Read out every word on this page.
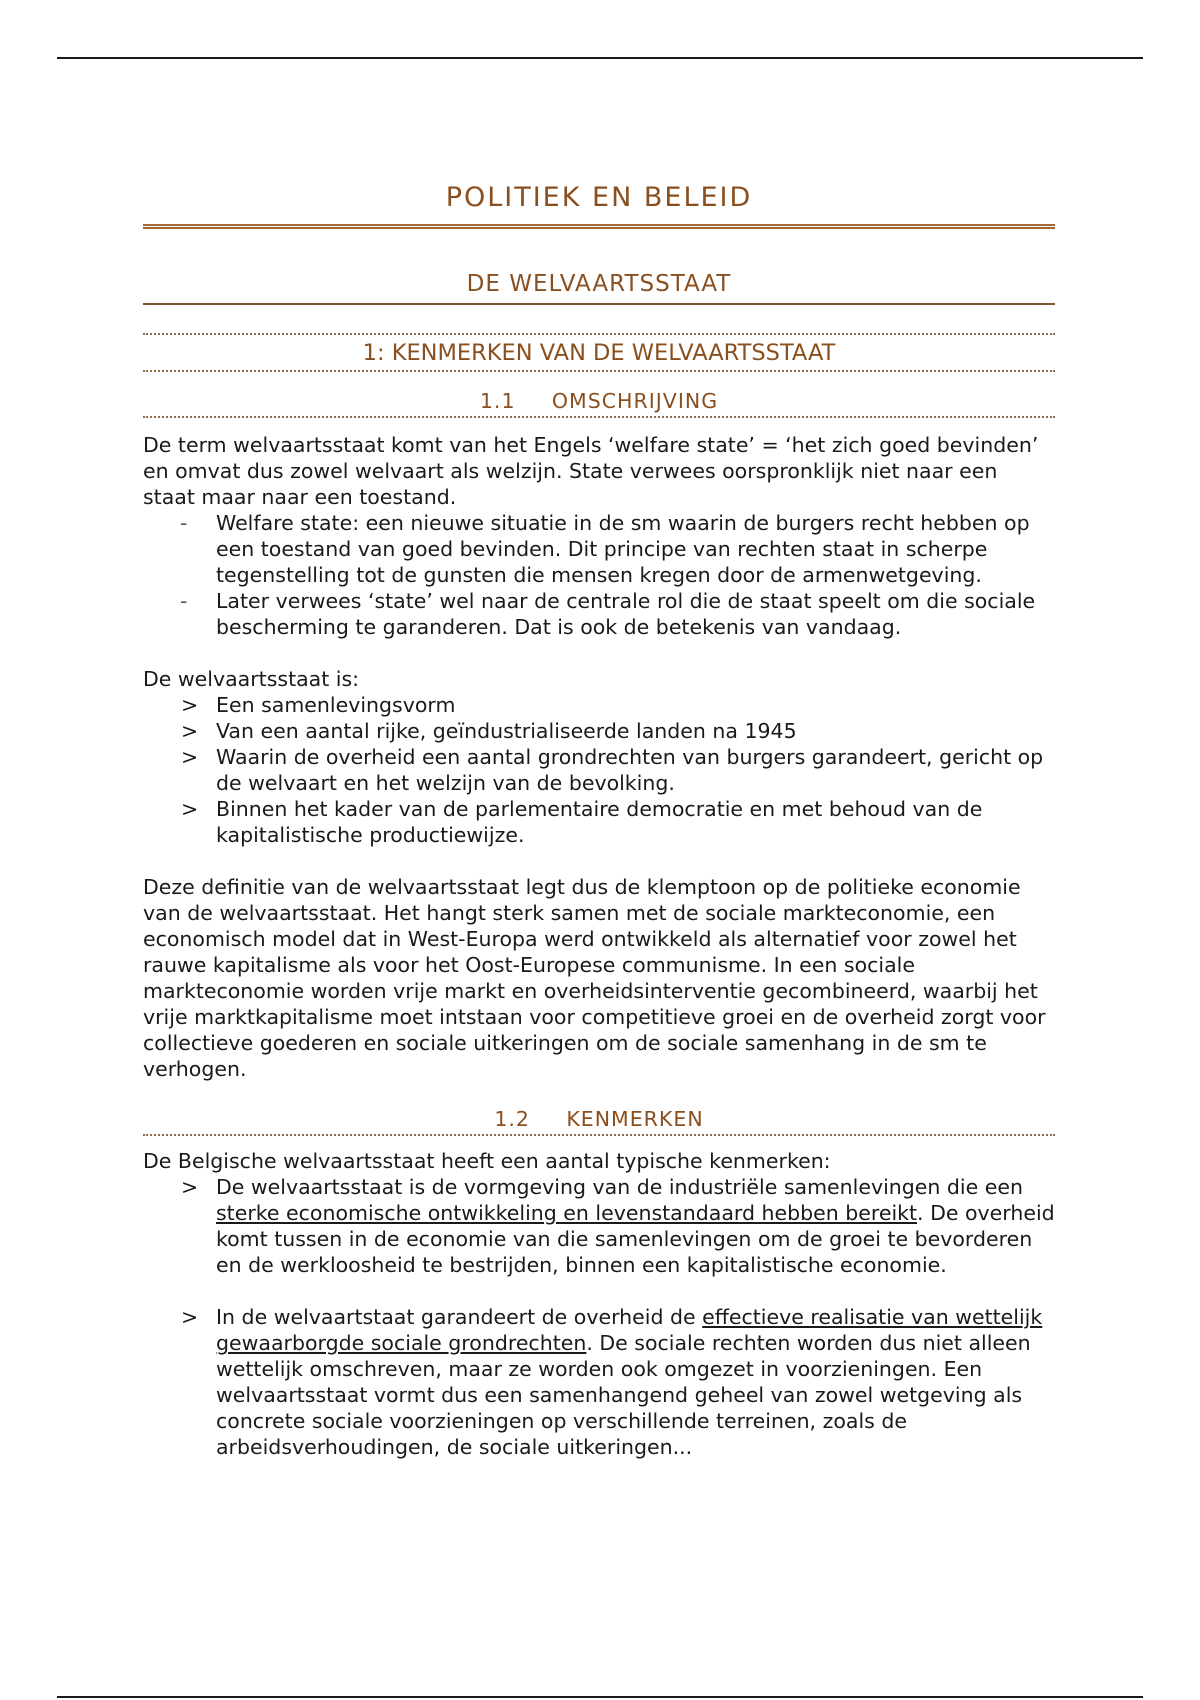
POLITIEK EN BELEID
DE WELVAARTSSTAAT
1: KENMERKEN VAN DE WELVAARTSSTAAT
1.1 OMSCHRIJVING

De term welvaartsstaat komt van het Engels ‘welfare state’ = ‘het zich goed bevinden’ en omvat dus zowel welvaart als welzijn. State verwees oorspronklijk niet naar een staat maar naar een toestand.

- Welfare state: een nieuwe situatie in de sm waarin de burgers recht hebben op een toestand van goed bevinden. Dit principe van rechten staat in scherpe tegenstelling tot de gunsten die mensen kregen door de armenwetgeving.
- Later verwees ‘state’ wel naar de centrale rol die de staat speelt om die sociale bescherming te garanderen. Dat is ook de betekenis van vandaag.

De welvaartsstaat is:

> Een samenlevingsvorm
> Van een aantal rijke, geïndustrialiseerde landen na 1945
> Waarin de overheid een aantal grondrechten van burgers garandeert, gericht op de welvaart en het welzijn van de bevolking.
> Binnen het kader van de parlementaire democratie en met behoud van de kapitalistische productiewijze.

Deze definitie van de welvaartsstaat legt dus de klemptoon op de politieke economie van de welvaartsstaat. Het hangt sterk samen met de sociale markteconomie, een economisch model dat in West-Europa werd ontwikkeld als alternatief voor zowel het rauwe kapitalisme als voor het Oost-Europese communisme. In een sociale markteconomie worden vrije markt en overheidsinterventie gecombineerd, waarbij het vrije marktkapitalisme moet intstaan voor competitieve groei en de overheid zorgt voor collectieve goederen en sociale uitkeringen om de sociale samenhang in de sm te verhogen.

1.2 KENMERKEN

De Belgische welvaartsstaat heeft een aantal typische kenmerken:

> De welvaartsstaat is de vormgeving van de industriële samenlevingen die een sterke economische ontwikkeling en levenstandaard hebben bereikt. De overheid komt tussen in de economie van die samenlevingen om de groei te bevorderen en de werkloosheid te bestrijden, binnen een kapitalistische economie.
> In de welvaartstaat garandeert de overheid de effectieve realisatie van wettelijk gewaarborgde sociale grondrechten. De sociale rechten worden dus niet alleen wettelijk omschreven, maar ze worden ook omgezet in voorzieningen. Een welvaartsstaat vormt dus een samenhangend geheel van zowel wetgeving als concrete sociale voorzieningen op verschillende terreinen, zoals de arbeidsverhoudingen, de sociale uitkeringen...
